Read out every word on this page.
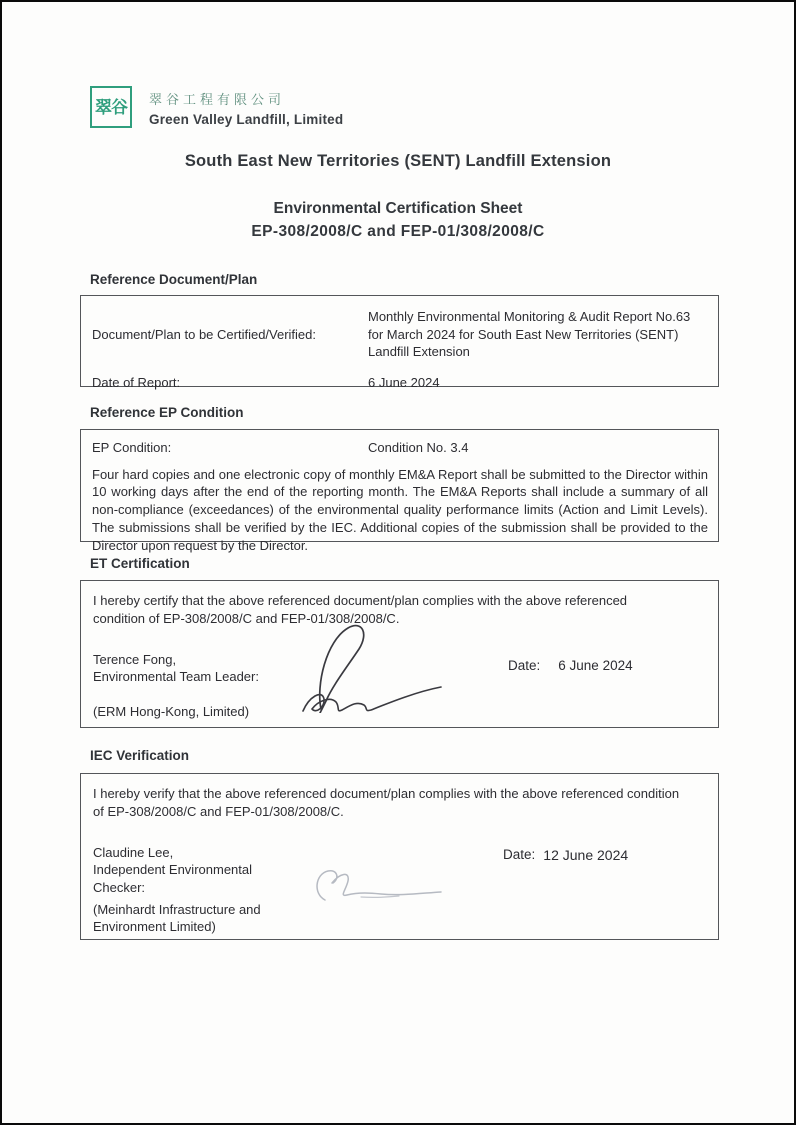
翠谷	翠谷工程有限公司
Green Valley Landfill, Limited
South East New Territories (SENT) Landfill Extension
Environmental Certification Sheet
EP-308/2008/C and FEP-01/308/2008/C
Reference Document/Plan
Document/Plan to be Certified/Verified:
Monthly Environmental Monitoring & Audit Report No.63 for March 2024 for South East New Territories (SENT) Landfill Extension
Date of Report:	6 June 2024
Reference EP Condition
EP Condition:	Condition No. 3.4
Four hard copies and one electronic copy of monthly EM&A Report shall be submitted to the Director within 10 working days after the end of the reporting month. The EM&A Reports shall include a summary of all non-compliance (exceedances) of the environmental quality performance limits (Action and Limit Levels). The submissions shall be verified by the IEC. Additional copies of the submission shall be provided to the Director upon request by the Director.
ET Certification
I hereby certify that the above referenced document/plan complies with the above referenced condition of EP-308/2008/C and FEP-01/308/2008/C.
Terence Fong,
Environmental Team Leader:
Date: 6 June 2024
(ERM Hong-Kong, Limited)
IEC Verification
I hereby verify that the above referenced document/plan complies with the above referenced condition of EP-308/2008/C and FEP-01/308/2008/C.
Claudine Lee,
Independent Environmental Checker:
Date: 12 June 2024
(Meinhardt Infrastructure and Environment Limited)
